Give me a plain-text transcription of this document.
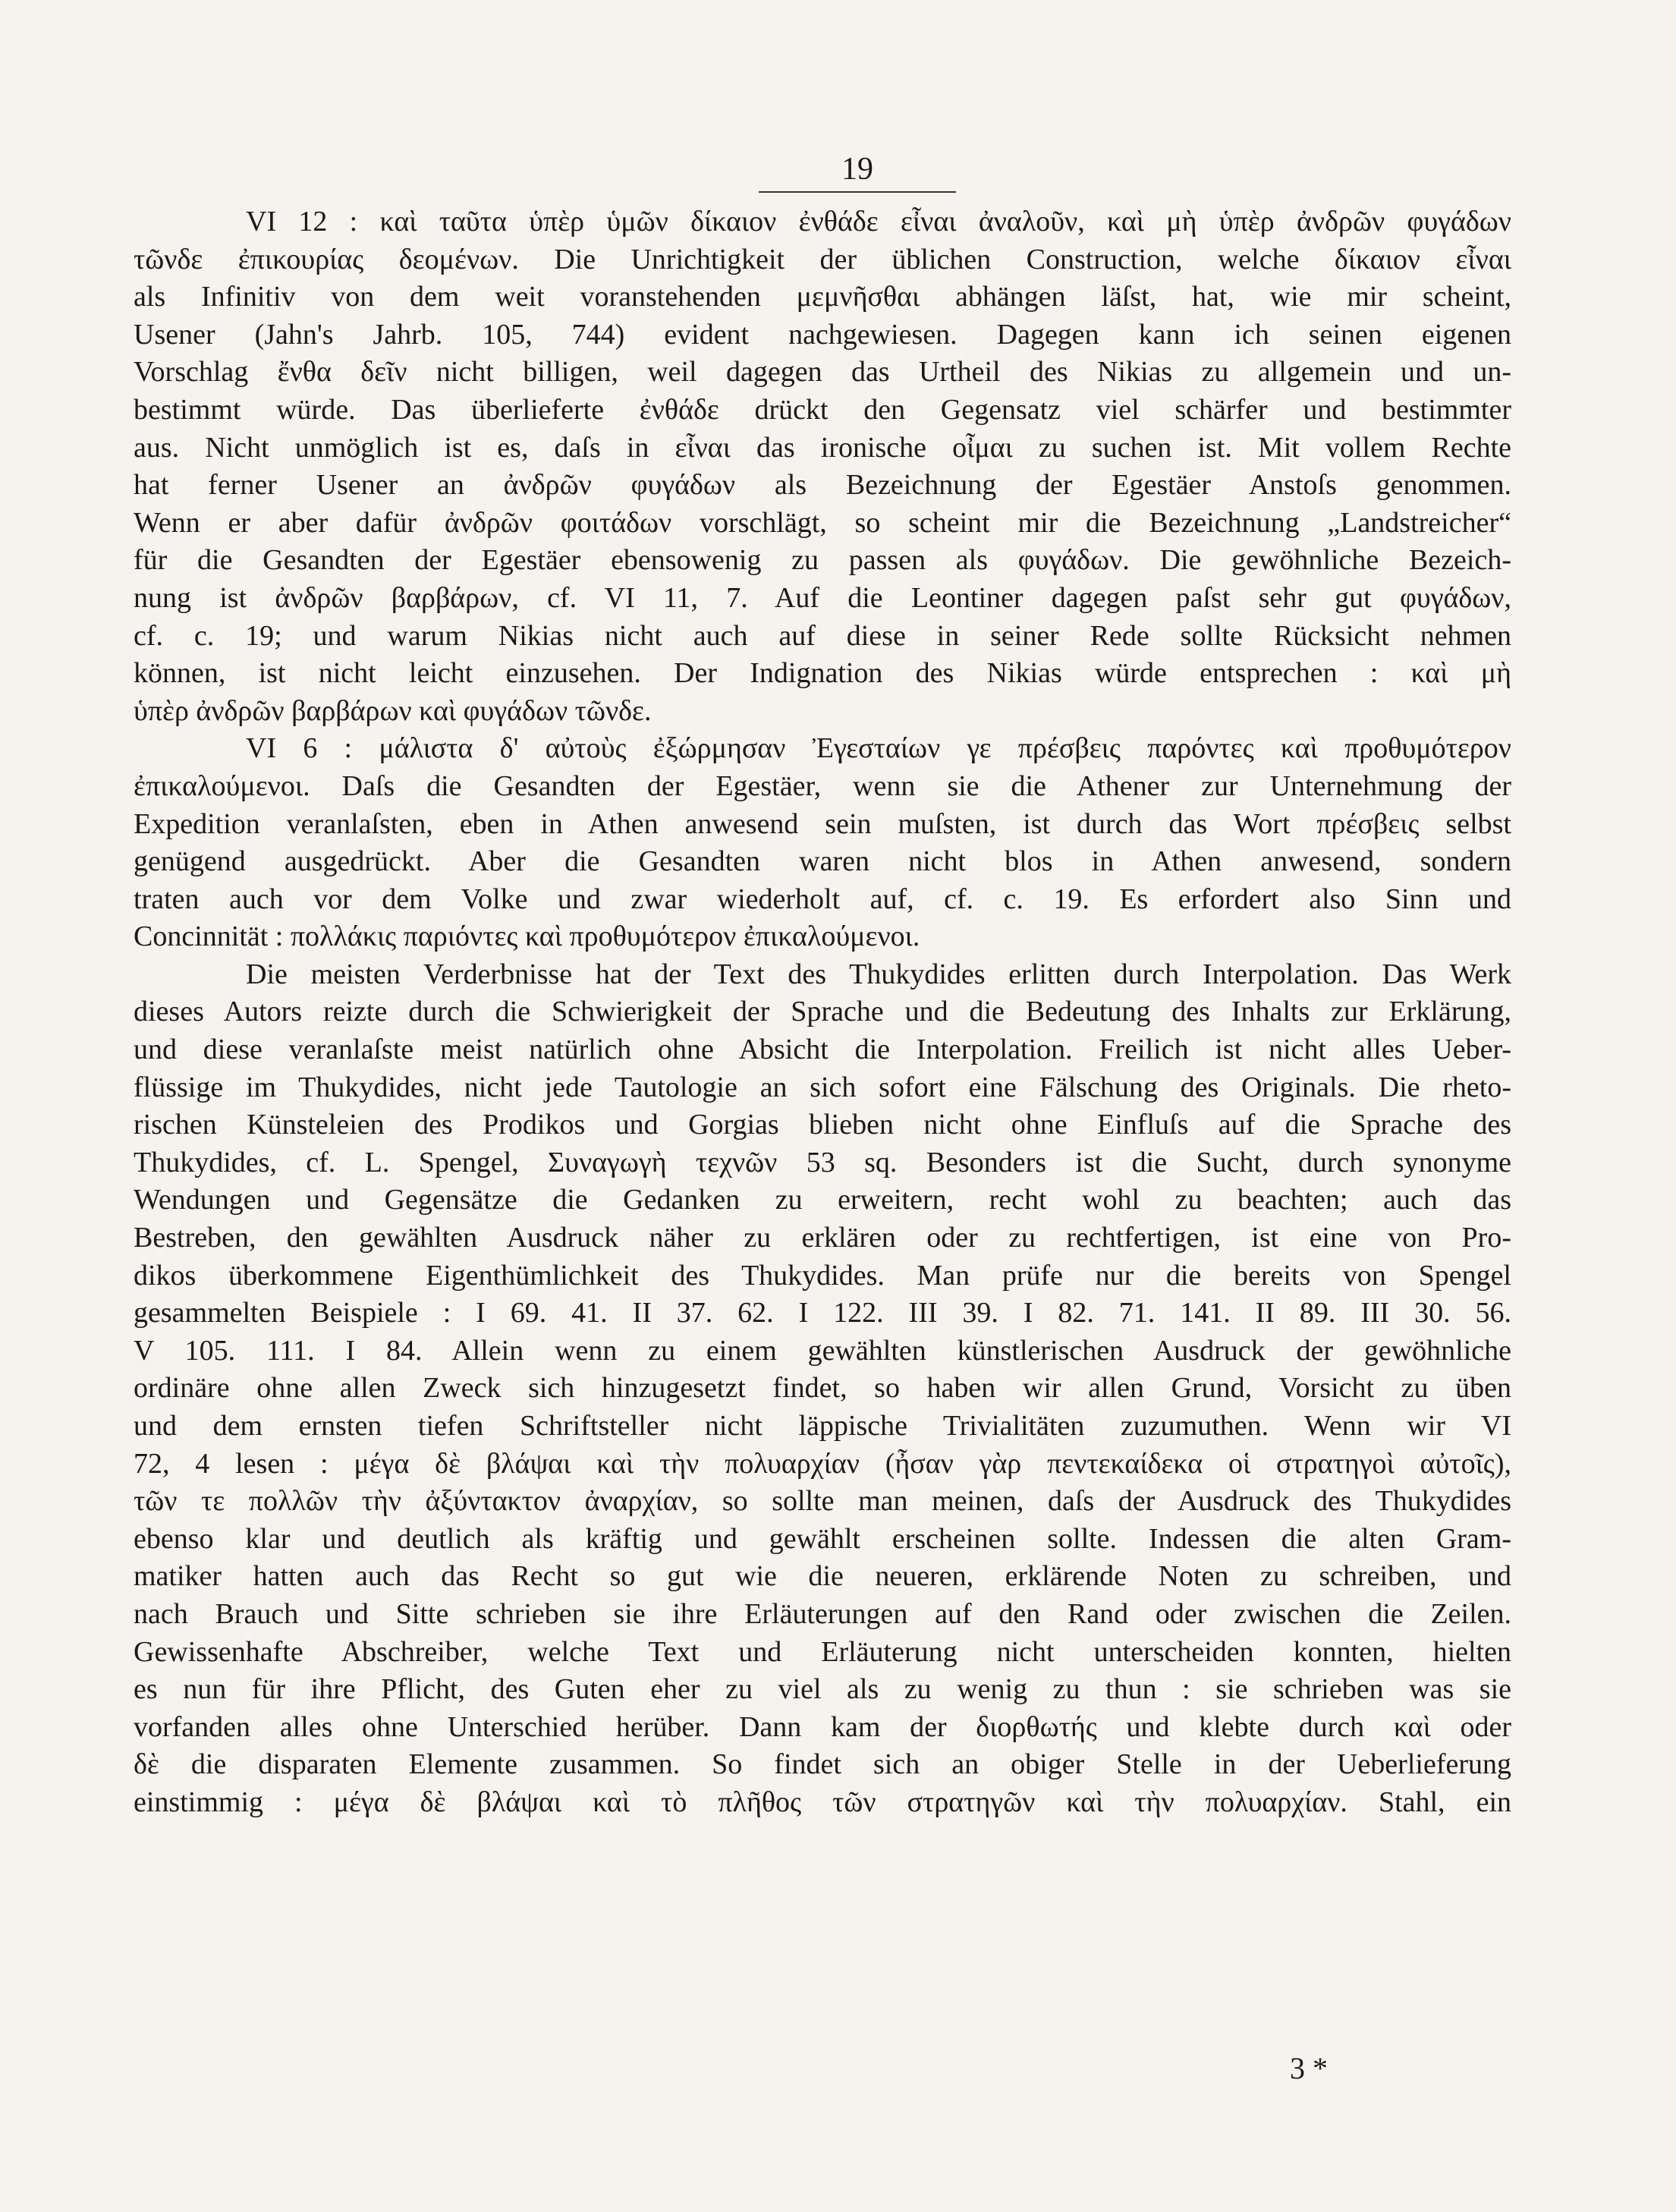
19
VI 12 : καὶ ταῦτα ὑπὲρ ὑμῶν δίκαιον ἐνθάδε εἶναι ἀναλοῦν, καὶ μὴ ὑπὲρ ἀνδρῶν φυγάδων
τῶνδε ἐπικουρίας δεομένων. Die Unrichtigkeit der üblichen Construction, welche δίκαιον εἶναι
als Infinitiv von dem weit voranstehenden μεμνῆσθαι abhängen läſst, hat, wie mir scheint,
Usener (Jahn's Jahrb. 105, 744) evident nachgewiesen. Dagegen kann ich seinen eigenen
Vorschlag ἔνθα δεῖν nicht billigen, weil dagegen das Urtheil des Nikias zu allgemein und un-
bestimmt würde. Das überlieferte ἐνθάδε drückt den Gegensatz viel schärfer und bestimmter
aus. Nicht unmöglich ist es, daſs in εἶναι das ironische οἶμαι zu suchen ist. Mit vollem Rechte
hat ferner Usener an ἀνδρῶν φυγάδων als Bezeichnung der Egestäer Anstoſs genommen.
Wenn er aber dafür ἀνδρῶν φοιτάδων vorschlägt, so scheint mir die Bezeichnung „Landstreicher“
für die Gesandten der Egestäer ebensowenig zu passen als φυγάδων. Die gewöhnliche Bezeich-
nung ist ἀνδρῶν βαρβάρων, cf. VI 11, 7. Auf die Leontiner dagegen paſst sehr gut φυγάδων,
cf. c. 19; und warum Nikias nicht auch auf diese in seiner Rede sollte Rücksicht nehmen
können, ist nicht leicht einzusehen. Der Indignation des Nikias würde entsprechen : καὶ μὴ
ὑπὲρ ἀνδρῶν βαρβάρων καὶ φυγάδων τῶνδε.
VI 6 : μάλιστα δ' αὐτοὺς ἐξώρμησαν Ἐγεσταίων γε πρέσβεις παρόντες καὶ προθυμότερον
ἐπικαλούμενοι. Daſs die Gesandten der Egestäer, wenn sie die Athener zur Unternehmung der
Expedition veranlaſsten, eben in Athen anwesend sein muſsten, ist durch das Wort πρέσβεις selbst
genügend ausgedrückt. Aber die Gesandten waren nicht blos in Athen anwesend, sondern
traten auch vor dem Volke und zwar wiederholt auf, cf. c. 19. Es erfordert also Sinn und
Concinnität : πολλάκις παριόντες καὶ προθυμότερον ἐπικαλούμενοι.
Die meisten Verderbnisse hat der Text des Thukydides erlitten durch Interpolation. Das Werk
dieses Autors reizte durch die Schwierigkeit der Sprache und die Bedeutung des Inhalts zur Erklärung,
und diese veranlaſste meist natürlich ohne Absicht die Interpolation. Freilich ist nicht alles Ueber-
flüssige im Thukydides, nicht jede Tautologie an sich sofort eine Fälschung des Originals. Die rheto-
rischen Künsteleien des Prodikos und Gorgias blieben nicht ohne Einfluſs auf die Sprache des
Thukydides, cf. L. Spengel, Συναγωγὴ τεχνῶν 53 sq. Besonders ist die Sucht, durch synonyme
Wendungen und Gegensätze die Gedanken zu erweitern, recht wohl zu beachten; auch das
Bestreben, den gewählten Ausdruck näher zu erklären oder zu rechtfertigen, ist eine von Pro-
dikos überkommene Eigenthümlichkeit des Thukydides. Man prüfe nur die bereits von Spengel
gesammelten Beispiele : I 69. 41. II 37. 62. I 122. III 39. I 82. 71. 141. II 89. III 30. 56.
V 105. 111. I 84. Allein wenn zu einem gewählten künstlerischen Ausdruck der gewöhnliche
ordinäre ohne allen Zweck sich hinzugesetzt findet, so haben wir allen Grund, Vorsicht zu üben
und dem ernsten tiefen Schriftsteller nicht läppische Trivialitäten zuzumuthen. Wenn wir VI
72, 4 lesen : μέγα δὲ βλάψαι καὶ τὴν πολυαρχίαν (ἦσαν γὰρ πεντεκαίδεκα οἱ στρατηγοὶ αὐτοῖς),
τῶν τε πολλῶν τὴν ἀξύντακτον ἀναρχίαν, so sollte man meinen, daſs der Ausdruck des Thukydides
ebenso klar und deutlich als kräftig und gewählt erscheinen sollte. Indessen die alten Gram-
matiker hatten auch das Recht so gut wie die neueren, erklärende Noten zu schreiben, und
nach Brauch und Sitte schrieben sie ihre Erläuterungen auf den Rand oder zwischen die Zeilen.
Gewissenhafte Abschreiber, welche Text und Erläuterung nicht unterscheiden konnten, hielten
es nun für ihre Pflicht, des Guten eher zu viel als zu wenig zu thun : sie schrieben was sie
vorfanden alles ohne Unterschied herüber. Dann kam der διορθωτής und klebte durch καὶ oder
δὲ die disparaten Elemente zusammen. So findet sich an obiger Stelle in der Ueberlieferung
einstimmig : μέγα δὲ βλάψαι καὶ τὸ πλῆθος τῶν στρατηγῶν καὶ τὴν πολυαρχίαν. Stahl, ein
3 *
